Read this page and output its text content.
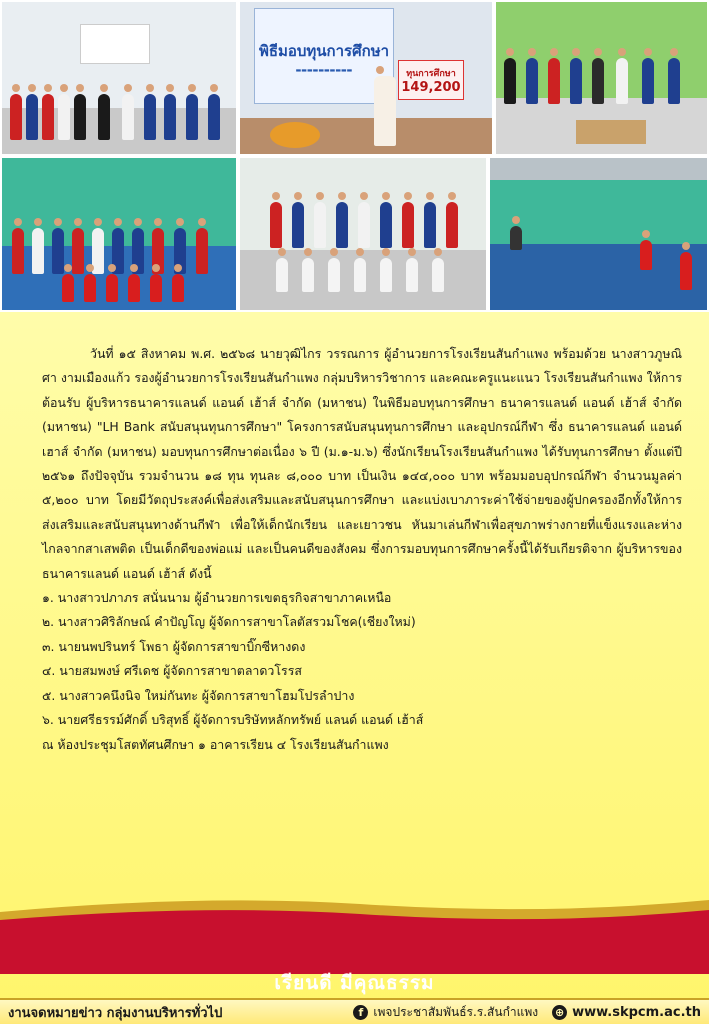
พิธีมอบทุนการศึกษา
▬▬▬▬▬▬▬▬▬▬	ทุนการศึกษา
149,200

วันที่ ๑๕ สิงหาคม พ.ศ. ๒๕๖๘ นายวุฒิไกร วรรณการ ผู้อำนวยการโรงเรียนสันกำแพง พร้อมด้วย นางสาวภูษณิศา งามเมืองแก้ว รองผู้อำนวยการโรงเรียนสันกำแพง กลุ่มบริหารวิชาการ และคณะครูแนะแนว โรงเรียนสันกำแพง ให้การต้อนรับ ผู้บริหารธนาคารแลนด์ แอนด์ เฮ้าส์ จำกัด (มหาชน) ในพิธีมอบทุนการศึกษา ธนาคารแลนด์ แอนด์ เฮ้าส์ จำกัด (มหาชน) "LH Bank สนับสนุนทุนการศึกษา" โครงการสนับสนุนทุนการศึกษา และอุปกรณ์กีฬา ซึ่ง ธนาคารแลนด์ แอนด์ เฮาส์ จำกัด (มหาชน) มอบทุนการศึกษาต่อเนื่อง ๖ ปี (ม.๑-ม.๖) ซึ่งนักเรียนโรงเรียนสันกำแพง ได้รับทุนการศึกษา ตั้งแต่ปี ๒๕๖๑ ถึงปัจจุบัน รวมจำนวน ๑๘ ทุน ทุนละ ๘,๐๐๐ บาท เป็นเงิน ๑๔๔,๐๐๐ บาท พร้อมมอบอุปกรณ์กีฬา จำนวนมูลค่า ๕,๒๐๐ บาท โดยมีวัตถุประสงค์เพื่อส่งเสริมและสนับสนุนการศึกษา และแบ่งเบาภาระค่าใช้จ่ายของผู้ปกครองอีกทั้งให้การส่งเสริมและสนับสนุนทางด้านกีฬา เพื่อให้เด็กนักเรียน และเยาวชน หันมาเล่นกีฬาเพื่อสุขภาพร่างกายที่แข็งแรงและห่างไกลจากสาเสพติด เป็นเด็กดีของพ่อแม่ และเป็นคนดีของสังคม ซึ่งการมอบทุนการศึกษาครั้งนี้ได้รับเกียรติจาก ผู้บริหารของธนาคารแลนด์ แอนด์ เฮ้าส์ ดังนี้

๑. นางสาวปภาภร สนั่นนาม ผู้อำนวยการเขตธุรกิจสาขาภาคเหนือ
๒. นางสาวศิริลักษณ์ คำปัญโญ ผู้จัดการสาขาโลตัสรวมโชค(เชียงใหม่)
๓. นายนพปรินทร์ โพธา ผู้จัดการสาขาบิ๊กซีหางดง
๔. นายสมพงษ์ ศรีเดช ผู้จัดการสาขาตลาดวโรรส
๕. นางสาวคนึงนิจ ใหม่กันทะ ผู้จัดการสาขาโฮมโปรลำปาง
๖. นายศรีธรรม์ศักดิ์ บริสุทธิ์ ผู้จัดการบริษัทหลักทรัพย์ แลนด์ แอนด์ เฮ้าส์

ณ ห้องประชุมโสตทัศนศึกษา ๑ อาคารเรียน ๔ โรงเรียนสันกำแพง

เรียนดี มีคุณธรรม
งานจดหมายข่าว กลุ่มงานบริหารทั่วไป	f เพจประชาสัมพันธ์ร.ร.สันกำแพง ⊕ www.skpcm.ac.th
